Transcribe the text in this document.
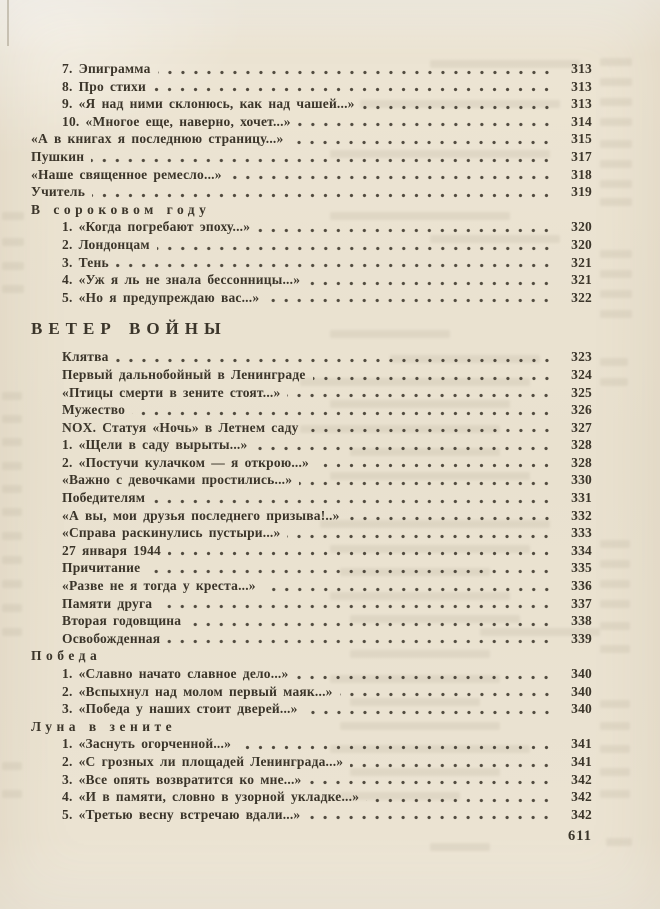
7. Эпиграмма	313
8. Про стихи	313
9. «Я над ними склонюсь, как над чашей...»	313
10. «Многое еще, наверно, хочет...»	314
«А в книгах я последнюю страницу...»	315
Пушкин	317
«Наше священное ремесло...»	318
Учитель	319
В сороковом году
1. «Когда погребают эпоху...»	320
2. Лондонцам	320
3. Тень	321
4. «Уж я ль не знала бессонницы...»	321
5. «Но я предупреждаю вас...»	322
ВЕТЕР ВОЙНЫ
Клятва	323
Первый дальнобойный в Ленинграде	324
«Птицы смерти в зените стоят...»	325
Мужество	326
NOX. Статуя «Ночь» в Летнем саду	327
1. «Щели в саду вырыты...»	328
2. «Постучи кулачком — я открою...»	328
«Важно с девочками простились...»	330
Победителям	331
«А вы, мои друзья последнего призыва!..»	332
«Справа раскинулись пустыри...»	333
27 января 1944	334
Причитание	335
«Разве не я тогда у креста...»	336
Памяти друга	337
Вторая годовщина	338
Освобожденная	339
Победа
1. «Славно начато славное дело...»	340
2. «Вспыхнул над молом первый маяк...»	340
3. «Победа у наших стоит дверей...»	340
Луна в зените
1. «Заснуть огорченной...»	341
2. «С грозных ли площадей Ленинграда...»	341
3. «Все опять возвратится ко мне...»	342
4. «И в памяти, словно в узорной укладке...»	342
5. «Третью весну встречаю вдали...»	342
611
